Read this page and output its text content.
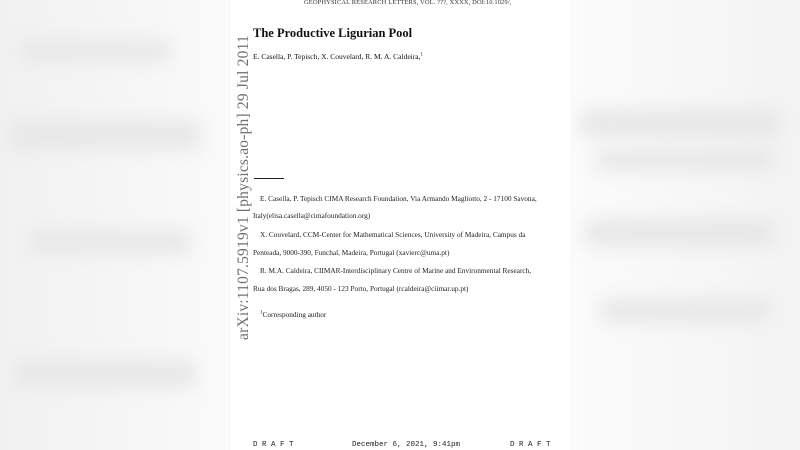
GEOPHYSICAL RESEARCH LETTERS, VOL. ???, XXXX, DOI:10.1029/,
arXiv:1107.5919v1 [physics.ao-ph] 29 Jul 2011
The Productive Ligurian Pool
E. Casella, P. Tepisch, X. Couvelard, R. M. A. Caldeira,$^1$
E. Casella, P. Tepisch CIMA Research Foundation, Via Armando Magliotto, 2 - 17100 Savona,
Italy(elisa.casella@cimafoundation.org)
X. Couvelard, CCM-Center for Mathematical Sciences, University of Madeira, Campus da
Penteada, 9000-390, Funchal, Madeira, Portugal (xavierc@uma.pt)
R. M.A. Caldeira, CIIMAR-Interdisciplinary Centre of Marine and Environmental Research,
Rua dos Bragas, 289, 4050 - 123 Porto, Portugal (rcaldeira@ciimar.up.pt)
$^1$Corresponding author
D R A F T	December 6, 2021, 9:41pm	D R A F T
